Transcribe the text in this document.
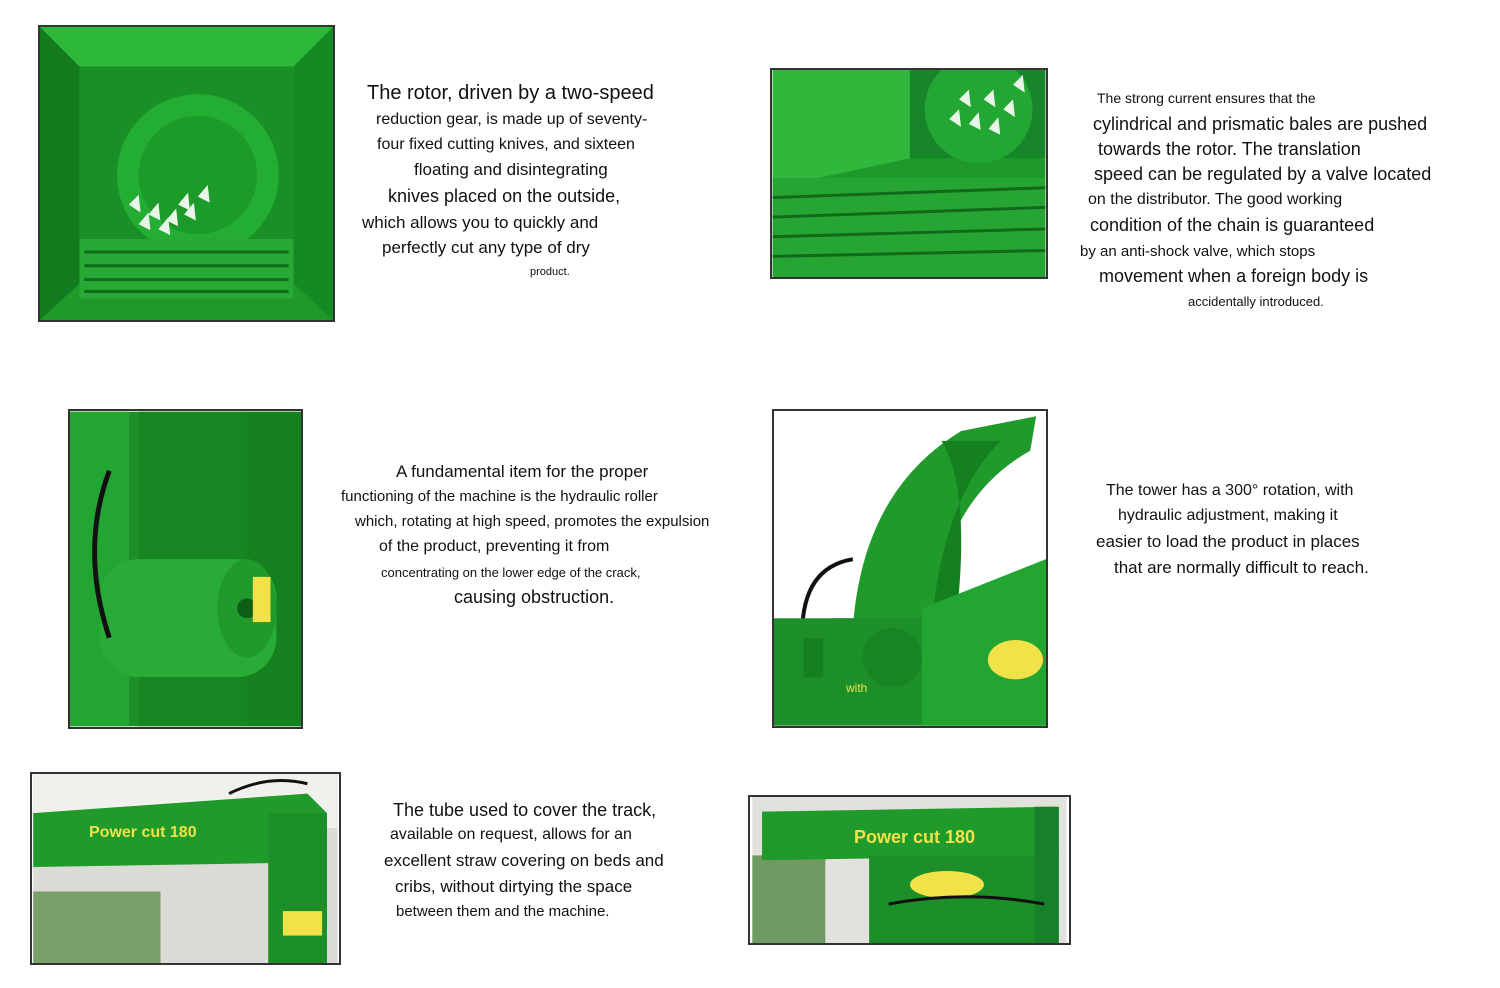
The rotor, driven by a two-speed
reduction gear, is made up of seventy-
four fixed cutting knives, and sixteen
floating and disintegrating
knives placed on the outside,
which allows you to quickly and
perfectly cut any type of dry
product.
The strong current ensures that the
cylindrical and prismatic bales are pushed
towards the rotor. The translation
speed can be regulated by a valve located
on the distributor. The good working
condition of the chain is guaranteed
by an anti-shock valve, which stops
movement when a foreign body is
accidentally introduced.
A fundamental item for the proper
functioning of the machine is the hydraulic roller
which, rotating at high speed, promotes the expulsion
of the product, preventing it from
concentrating on the lower edge of the crack,
causing obstruction.
with
The tower has a 300° rotation, with
hydraulic adjustment, making it
easier to load the product in places
that are normally difficult to reach.
Power cut 180
The tube used to cover the track,
available on request, allows for an
excellent straw covering on beds and
cribs, without dirtying the space
between them and the machine.
Power cut 180
